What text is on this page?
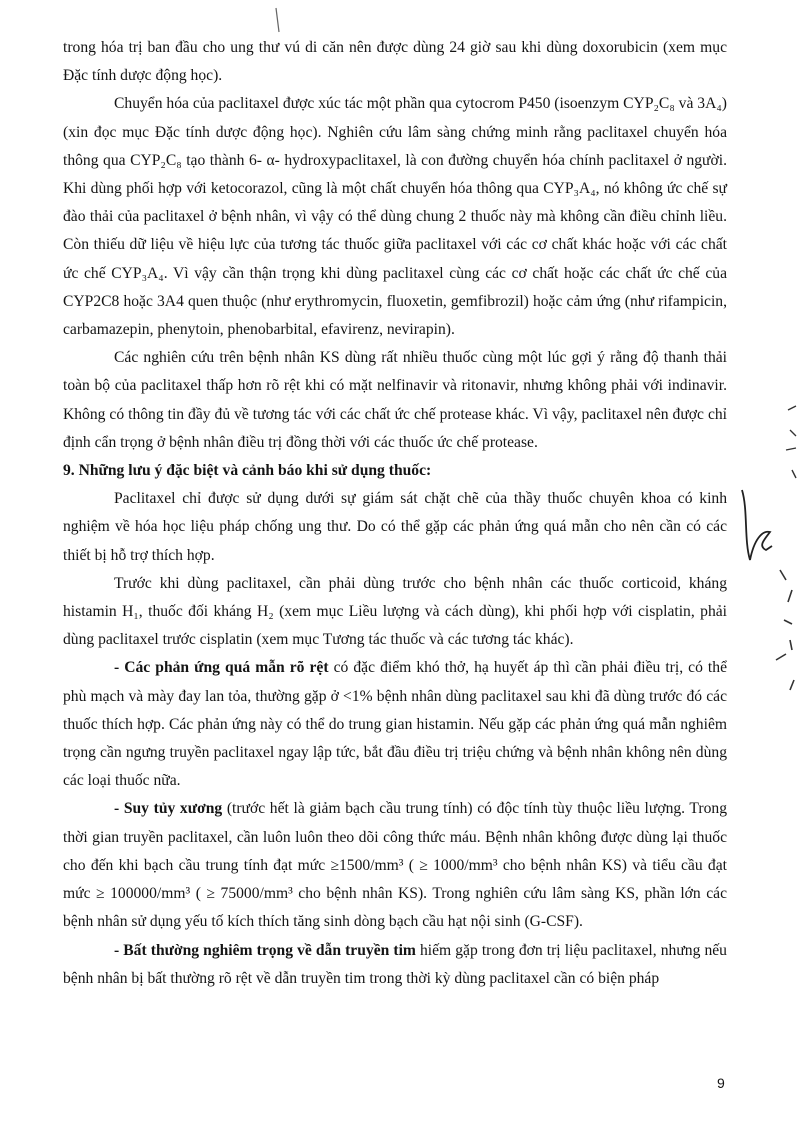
trong hóa trị ban đầu cho ung thư vú di căn nên được dùng 24 giờ sau khi dùng doxorubicin (xem mục Đặc tính dược động học).

Chuyển hóa của paclitaxel được xúc tác một phần qua cytocrom P450 (isoenzym CYP₂C₈ và 3A₄) (xin đọc mục Đặc tính dược động học). Nghiên cứu lâm sàng chứng minh rằng paclitaxel chuyển hóa thông qua CYP₂C₈ tạo thành 6- α- hydroxypaclitaxel, là con đường chuyển hóa chính paclitaxel ở người. Khi dùng phối hợp với ketocorazol, cũng là một chất chuyển hóa thông qua CYP₃A₄, nó không ức chế sự đào thải của paclitaxel ở bệnh nhân, vì vậy có thể dùng chung 2 thuốc này mà không cần điều chỉnh liều. Còn thiếu dữ liệu về hiệu lực của tương tác thuốc giữa paclitaxel với các cơ chất khác hoặc với các chất ức chế CYP₃A₄. Vì vậy cần thận trọng khi dùng paclitaxel cùng các cơ chất hoặc các chất ức chế của CYP2C8 hoặc 3A4 quen thuộc (như erythromycin, fluoxetin, gemfibrozil) hoặc cảm ứng (như rifampicin, carbamazepin, phenytoin, phenobarbital, efavirenz, nevirapin).

Các nghiên cứu trên bệnh nhân KS dùng rất nhiều thuốc cùng một lúc gợi ý rằng độ thanh thải toàn bộ của paclitaxel thấp hơn rõ rệt khi có mặt nelfinavir và ritonavir, nhưng không phải với indinavir. Không có thông tin đầy đủ về tương tác với các chất ức chế protease khác. Vì vậy, paclitaxel nên được chỉ định cẩn trọng ở bệnh nhân điều trị đồng thời với các thuốc ức chế protease.

9. Những lưu ý đặc biệt và cảnh báo khi sử dụng thuốc:

Paclitaxel chỉ được sử dụng dưới sự giám sát chặt chẽ của thầy thuốc chuyên khoa có kinh nghiệm về hóa học liệu pháp chống ung thư. Do có thể gặp các phản ứng quá mẫn cho nên cần có các thiết bị hỗ trợ thích hợp.

Trước khi dùng paclitaxel, cần phải dùng trước cho bệnh nhân các thuốc corticoid, kháng histamin H₁, thuốc đối kháng H₂ (xem mục Liều lượng và cách dùng), khi phối hợp với cisplatin, phải dùng paclitaxel trước cisplatin (xem mục Tương tác thuốc và các tương tác khác).

- Các phản ứng quá mẫn rõ rệt có đặc điểm khó thở, hạ huyết áp thì cần phải điều trị, có thể phù mạch và mày đay lan tỏa, thường gặp ở <1% bệnh nhân dùng paclitaxel sau khi đã dùng trước đó các thuốc thích hợp. Các phản ứng này có thể do trung gian histamin. Nếu gặp các phản ứng quá mẫn nghiêm trọng cần ngưng truyền paclitaxel ngay lập tức, bắt đầu điều trị triệu chứng và bệnh nhân không nên dùng các loại thuốc nữa.

- Suy tủy xương (trước hết là giảm bạch cầu trung tính) có độc tính tùy thuộc liều lượng. Trong thời gian truyền paclitaxel, cần luôn luôn theo dõi công thức máu. Bệnh nhân không được dùng lại thuốc cho đến khi bạch cầu trung tính đạt mức ≥1500/mm³ ( ≥ 1000/mm³ cho bệnh nhân KS) và tiểu cầu đạt mức ≥ 100000/mm³ ( ≥ 75000/mm³ cho bệnh nhân KS). Trong nghiên cứu lâm sàng KS, phần lớn các bệnh nhân sử dụng yếu tố kích thích tăng sinh dòng bạch cầu hạt nội sinh (G-CSF).

- Bất thường nghiêm trọng về dẫn truyền tim hiếm gặp trong đơn trị liệu paclitaxel, nhưng nếu bệnh nhân bị bất thường rõ rệt về dẫn truyền tim trong thời kỳ dùng paclitaxel cần có biện pháp

9
